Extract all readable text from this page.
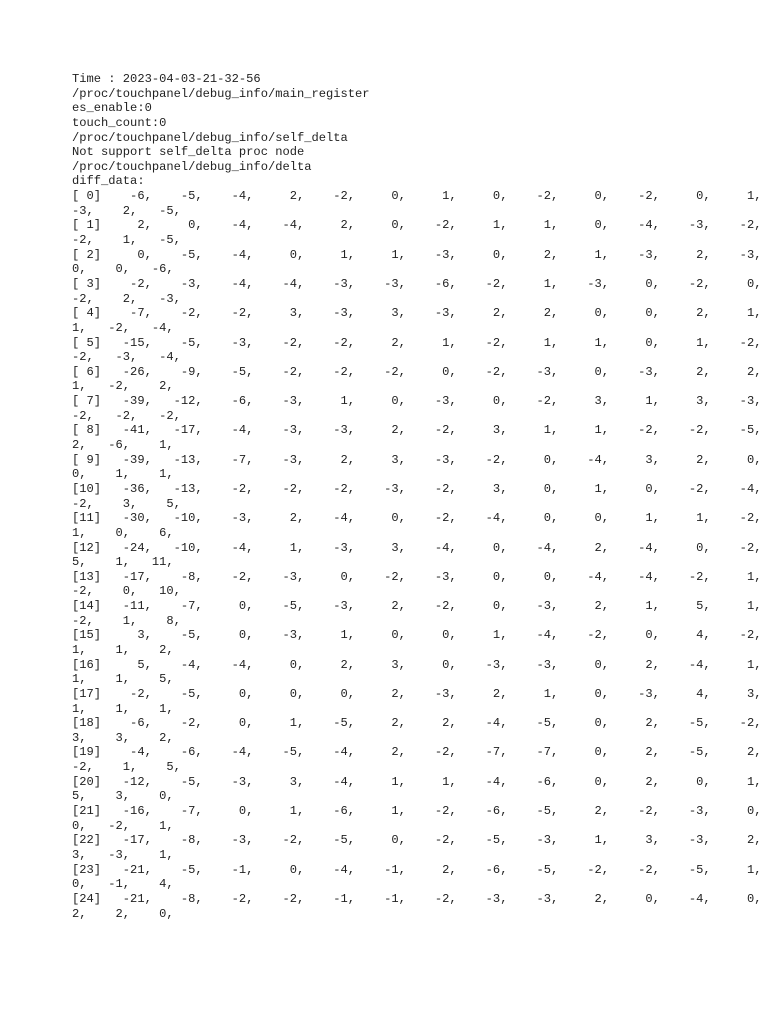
Time : 2023-04-03-21-32-56
/proc/touchpanel/debug_info/main_register
es_enable:0
touch_count:0
/proc/touchpanel/debug_info/self_delta
Not support self_delta proc node
/proc/touchpanel/debug_info/delta
diff_data:
[ 0]    -6,    -5,    -4,     2,    -2,     0,     1,     0,    -2,     0,    -2,     0,     1,
-3,    2,   -5,
[ 1]     2,     0,    -4,    -4,     2,     0,    -2,     1,     1,     0,    -4,    -3,    -2,
-2,    1,   -5,
[ 2]     0,    -5,    -4,     0,     1,     1,    -3,     0,     2,     1,    -3,     2,    -3,
0,    0,   -6,
[ 3]    -2,    -3,    -4,    -4,    -3,    -3,    -6,    -2,     1,    -3,     0,    -2,     0,
-2,    2,   -3,
[ 4]    -7,    -2,    -2,     3,    -3,     3,    -3,     2,     2,     0,     0,     2,     1,
1,   -2,   -4,
[ 5]   -15,    -5,    -3,    -2,    -2,     2,     1,    -2,     1,     1,     0,     1,    -2,
-2,   -3,   -4,
[ 6]   -26,    -9,    -5,    -2,    -2,    -2,     0,    -2,    -3,     0,    -3,     2,     2,
1,   -2,    2,
[ 7]   -39,   -12,    -6,    -3,     1,     0,    -3,     0,    -2,     3,     1,     3,    -3,
-2,   -2,   -2,
[ 8]   -41,   -17,    -4,    -3,    -3,     2,    -2,     3,     1,     1,    -2,    -2,    -5,
2,   -6,    1,
[ 9]   -39,   -13,    -7,    -3,     2,     3,    -3,    -2,     0,    -4,     3,     2,     0,
0,    1,    1,
[10]   -36,   -13,    -2,    -2,    -2,    -3,    -2,     3,     0,     1,     0,    -2,    -4,
-2,    3,    5,
[11]   -30,   -10,    -3,     2,    -4,     0,    -2,    -4,     0,     0,     1,     1,    -2,
1,    0,    6,
[12]   -24,   -10,    -4,     1,    -3,     3,    -4,     0,    -4,     2,    -4,     0,    -2,
5,    1,   11,
[13]   -17,    -8,    -2,    -3,     0,    -2,    -3,     0,     0,    -4,    -4,    -2,     1,
-2,    0,   10,
[14]   -11,    -7,     0,    -5,    -3,     2,    -2,     0,    -3,     2,     1,     5,     1,
-2,    1,    8,
[15]     3,    -5,     0,    -3,     1,     0,     0,     1,    -4,    -2,     0,     4,    -2,
1,    1,    2,
[16]     5,    -4,    -4,     0,     2,     3,     0,    -3,    -3,     0,     2,    -4,     1,
1,    1,    5,
[17]    -2,    -5,     0,     0,     0,     2,    -3,     2,     1,     0,    -3,     4,     3,
1,    1,    1,
[18]    -6,    -2,     0,     1,    -5,     2,     2,    -4,    -5,     0,     2,    -5,    -2,
3,    3,    2,
[19]    -4,    -6,    -4,    -5,    -4,     2,    -2,    -7,    -7,     0,     2,    -5,     2,
-2,    1,    5,
[20]   -12,    -5,    -3,     3,    -4,     1,     1,    -4,    -6,     0,     2,     0,     1,
5,    3,    0,
[21]   -16,    -7,     0,     1,    -6,     1,    -2,    -6,    -5,     2,    -2,    -3,     0,
0,   -2,    1,
[22]   -17,    -8,    -3,    -2,    -5,     0,    -2,    -5,    -3,     1,     3,    -3,     2,
3,   -3,    1,
[23]   -21,    -5,    -1,     0,    -4,    -1,     2,    -6,    -5,    -2,    -2,    -5,     1,
0,   -1,    4,
[24]   -21,    -8,    -2,    -2,    -1,    -1,    -2,    -3,    -3,     2,     0,    -4,     0,
2,    2,    0,
